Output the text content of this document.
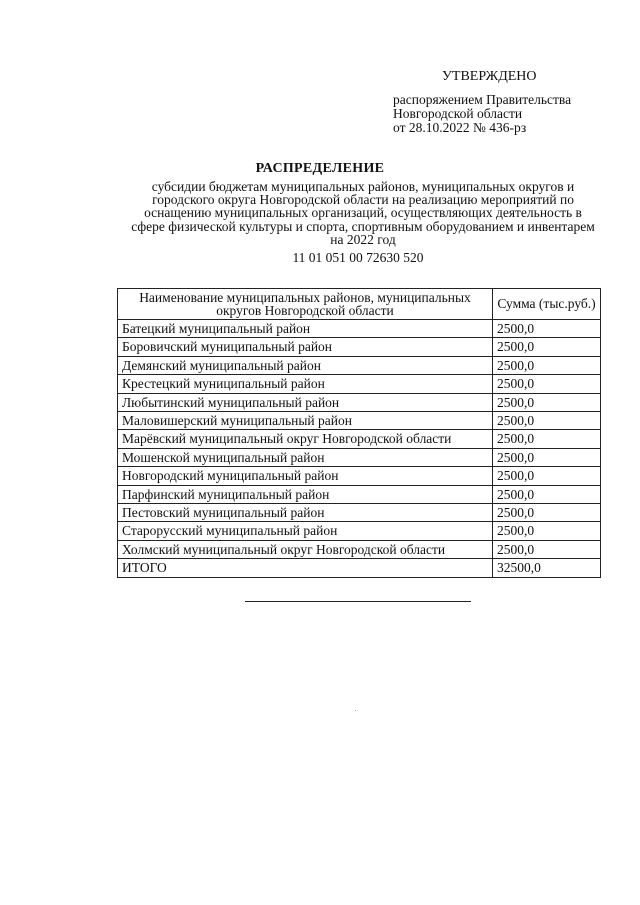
УТВЕРЖДЕНО
распоряжением Правительства
Новгородской области
от 28.10.2022 № 436-рз
РАСПРЕДЕЛЕНИЕ
субсидии бюджетам муниципальных районов, муниципальных округов и городского округа Новгородской области на реализацию мероприятий по оснащению муниципальных организаций, осуществляющих деятельность в сфере физической культуры и спорта, спортивным оборудованием и инвентарем на 2022 год
11 01 051 00 72630 520
Наименование муниципальных районов, муниципальных округов Новгородской области	Сумма (тыс.руб.)
Батецкий муниципальный район	2500,0
Боровичский муниципальный район	2500,0
Демянский муниципальный район	2500,0
Крестецкий муниципальный район	2500,0
Любытинский муниципальный район	2500,0
Маловишерский муниципальный район	2500,0
Марёвский муниципальный округ Новгородской области	2500,0
Мошенской муниципальный район	2500,0
Новгородский муниципальный район	2500,0
Парфинский муниципальный район	2500,0
Пестовский муниципальный район	2500,0
Старорусский муниципальный район	2500,0
Холмский муниципальный округ Новгородской области	2500,0
ИТОГО	32500,0
